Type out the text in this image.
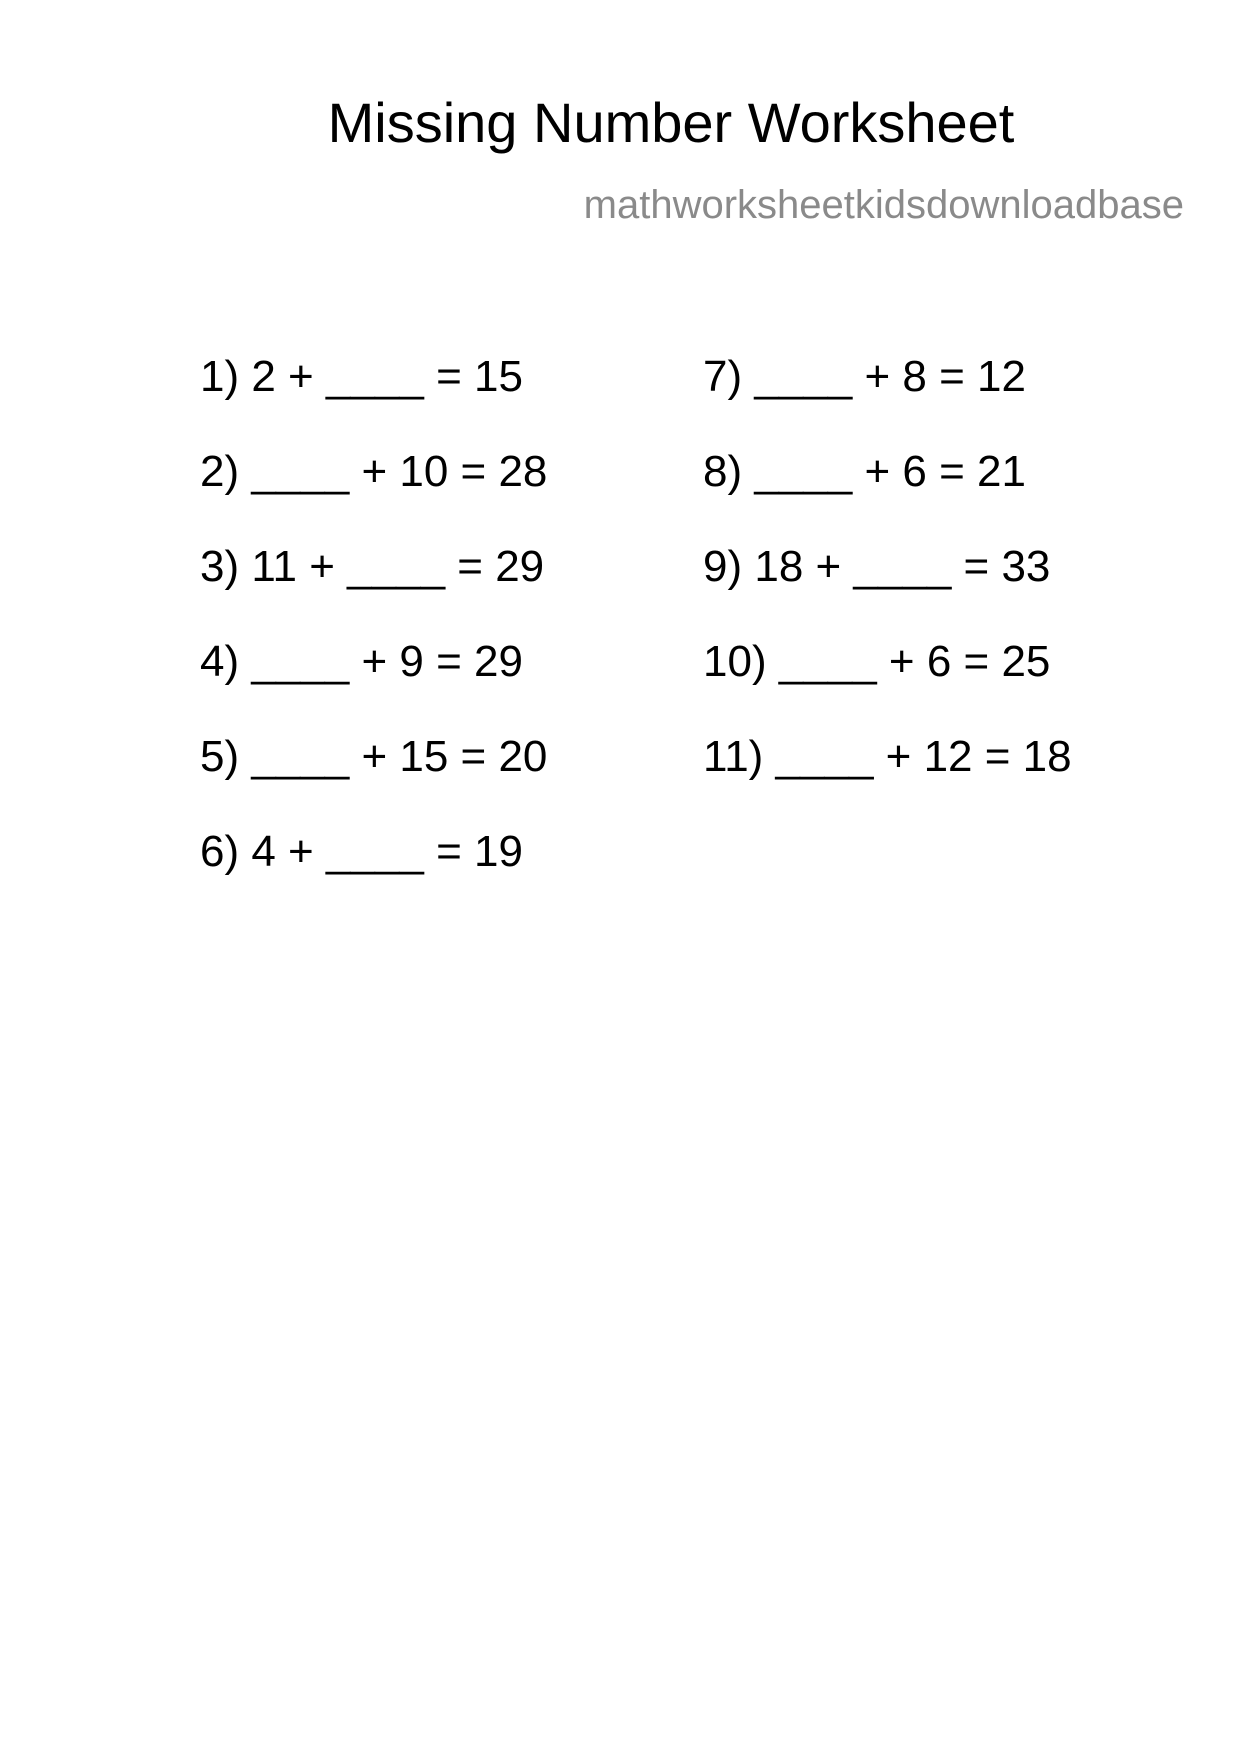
Missing Number Worksheet
mathworksheetkidsdownloadbase
1) 2 + ____ = 15
2) ____ + 10 = 28
3) 11 + ____ = 29
4) ____ + 9 = 29
5) ____ + 15 = 20
6) 4 + ____ = 19
7) ____ + 8 = 12
8) ____ + 6 = 21
9) 18 + ____ = 33
10) ____ + 6 = 25
11) ____ + 12 = 18
